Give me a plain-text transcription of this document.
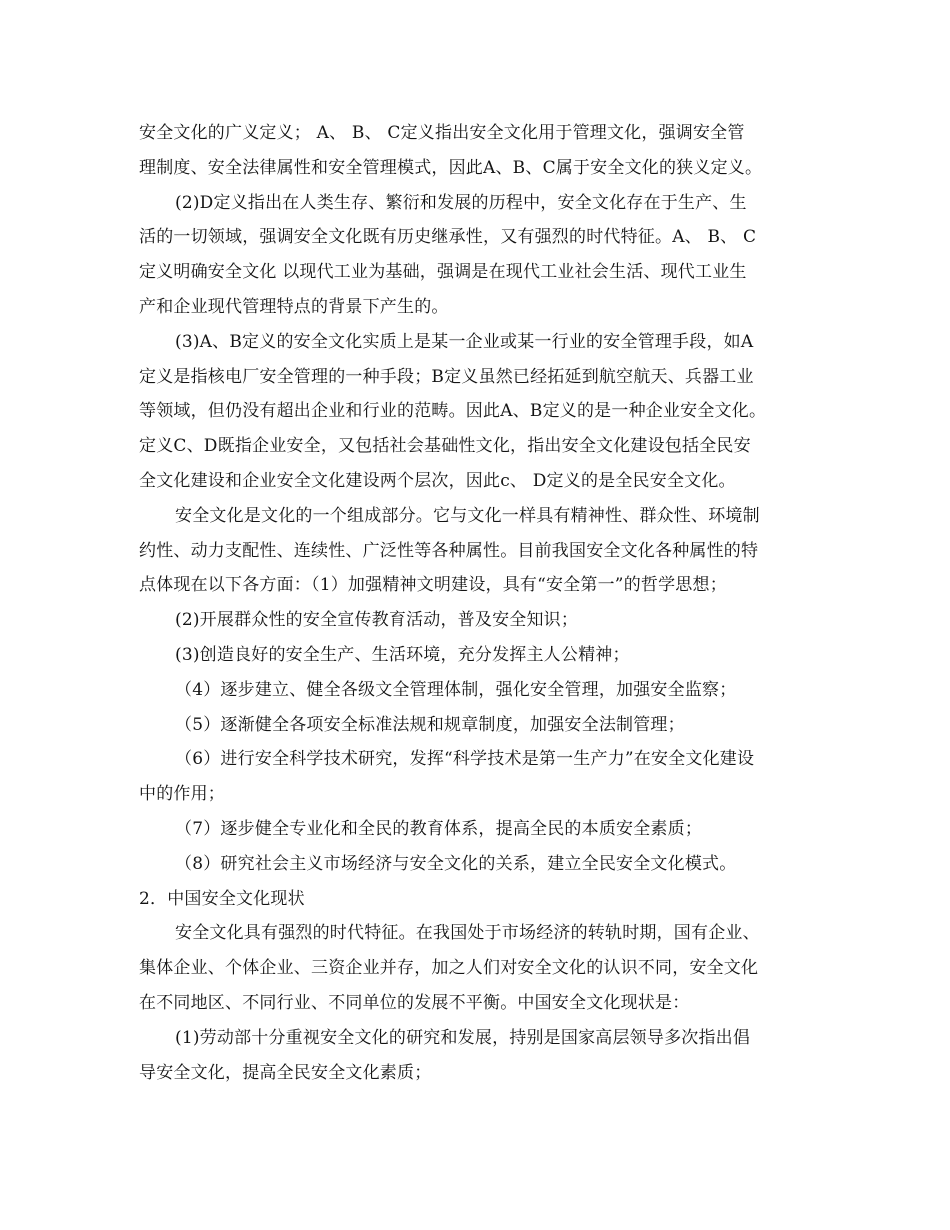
安全文化的广义定义； A、 B、 C定义指出安全文化用于管理文化，强调安全管
理制度、安全法律属性和安全管理模式，因此A、B、C属于安全文化的狭义定义。
(2)D定义指出在人类生存、繁衍和发展的历程中，安全文化存在于生产、生
活的一切领域，强调安全文化既有历史继承性，又有强烈的时代特征。A、 B、 C
定义明确安全文化 以现代工业为基础，强调是在现代工业社会生活、现代工业生
产和企业现代管理特点的背景下产生的。
(3)A、B定义的安全文化实质上是某一企业或某一行业的安全管理手段，如A
定义是指核电厂安全管理的一种手段；B定义虽然已经拓延到航空航天、兵器工业
等领域，但仍没有超出企业和行业的范畴。因此A、B定义的是一种企业安全文化。
定义C、D既指企业安全，又包括社会基础性文化，指出安全文化建设包括全民安
全文化建设和企业安全文化建设两个层次，因此c、 D定义的是全民安全文化。
安全文化是文化的一个组成部分。它与文化一样具有精神性、群众性、环境制
约性、动力支配性、连续性、广泛性等各种属性。目前我国安全文化各种属性的特
点体现在以下各方面：（1）加强精神文明建设，具有“安全第一”的哲学思想；
(2)开展群众性的安全宣传教育活动，普及安全知识；
(3)创造良好的安全生产、生活环境，充分发挥主人公精神；
（4）逐步建立、健全各级文全管理体制，强化安全管理，加强安全监察；
（5）逐渐健全各项安全标准法规和规章制度，加强安全法制管理；
（6）进行安全科学技术研究，发挥“科学技术是第一生产力”在安全文化建设
中的作用；
（7）逐步健全专业化和全民的教育体系，提高全民的本质安全素质；
（8）研究社会主义市场经济与安全文化的关系，建立全民安全文化模式。
2．中国安全文化现状
安全文化具有强烈的时代特征。在我国处于市场经济的转轨时期，国有企业、
集体企业、个体企业、三资企业并存，加之人们对安全文化的认识不同，安全文化
在不同地区、不同行业、不同单位的发展不平衡。中国安全文化现状是：
(1)劳动部十分重视安全文化的研究和发展，持别是国家高层领导多次指出倡
导安全文化，提高全民安全文化素质；
